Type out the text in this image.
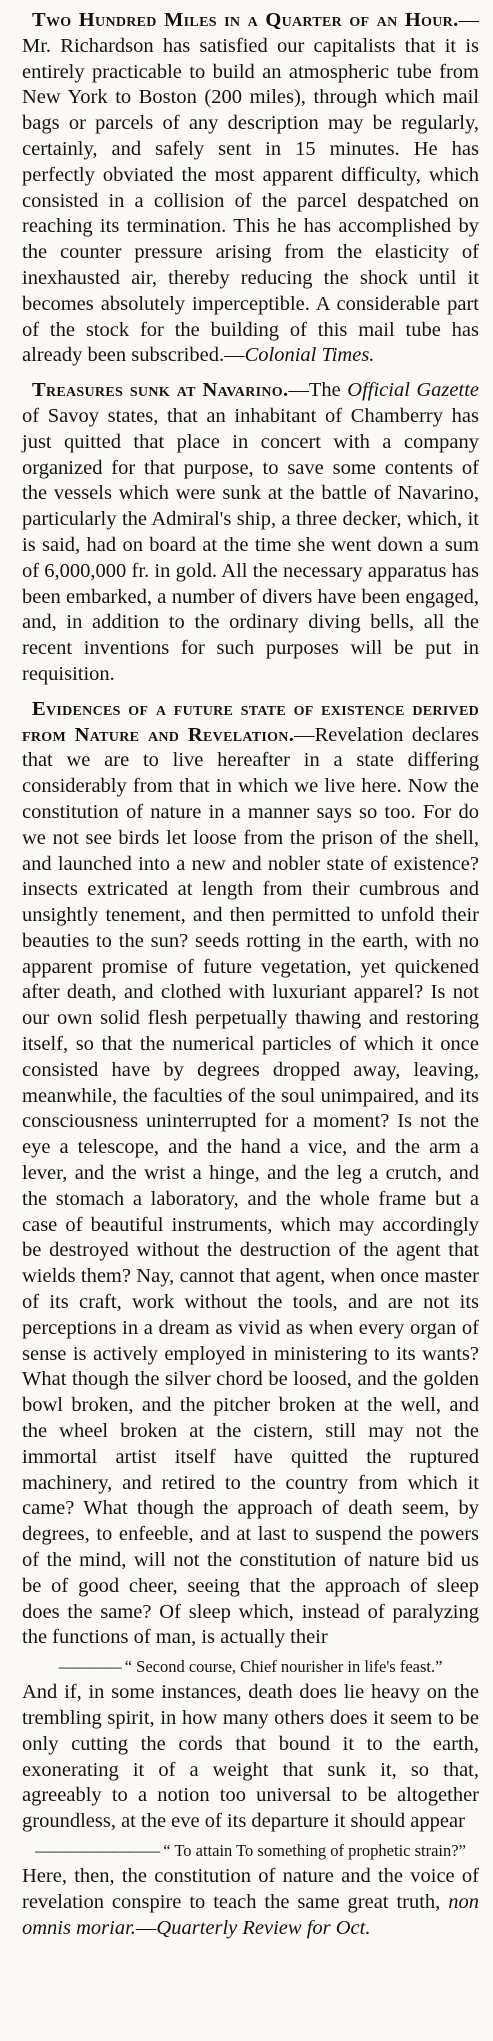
Two Hundred Miles in a Quarter of an Hour.—Mr. Richardson has satisfied our capitalists that it is entirely practicable to build an atmospheric tube from New York to Boston (200 miles), through which mail bags or parcels of any description may be regularly, certainly, and safely sent in 15 minutes. He has perfectly obviated the most apparent difficulty, which consisted in a collision of the parcel despatched on reaching its termination. This he has accomplished by the counter pressure arising from the elasticity of inexhausted air, thereby reducing the shock until it becomes absolutely imperceptible. A considerable part of the stock for the building of this mail tube has already been subscribed.—Colonial Times.

Treasures sunk at Navarino.—The Official Gazette of Savoy states, that an inhabitant of Chamberry has just quitted that place in concert with a company organized for that purpose, to save some contents of the vessels which were sunk at the battle of Navarino, particularly the Admiral's ship, a three decker, which, it is said, had on board at the time she went down a sum of 6,000,000 fr. in gold. All the necessary apparatus has been embarked, a number of divers have been engaged, and, in addition to the ordinary diving bells, all the recent inventions for such purposes will be put in requisition.

Evidences of a future state of existence derived from Nature and Revelation.—Revelation declares that we are to live hereafter in a state differing considerably from that in which we live here. Now the constitution of nature in a manner says so too. For do we not see birds let loose from the prison of the shell, and launched into a new and nobler state of existence? insects extricated at length from their cumbrous and unsightly tenement, and then permitted to unfold their beauties to the sun? seeds rotting in the earth, with no apparent promise of future vegetation, yet quickened after death, and clothed with luxuriant apparel? Is not our own solid flesh perpetually thawing and restoring itself, so that the numerical particles of which it once consisted have by degrees dropped away, leaving, meanwhile, the faculties of the soul unimpaired, and its consciousness uninterrupted for a moment? Is not the eye a telescope, and the hand a vice, and the arm a lever, and the wrist a hinge, and the leg a crutch, and the stomach a laboratory, and the whole frame but a case of beautiful instruments, which may accordingly be destroyed without the destruction of the agent that wields them? Nay, cannot that agent, when once master of its craft, work without the tools, and are not its perceptions in a dream as vivid as when every organ of sense is actively employed in ministering to its wants? What though the silver chord be loosed, and the golden bowl broken, and the pitcher broken at the well, and the wheel broken at the cistern, still may not the immortal artist itself have quitted the ruptured machinery, and retired to the country from which it came? What though the approach of death seem, by degrees, to enfeeble, and at last to suspend the powers of the mind, will not the constitution of nature bid us be of good cheer, seeing that the approach of sleep does the same? Of sleep which, instead of paralyzing the functions of man, is actually their

———— “ Second course, Chief nourisher in life's feast.”

And if, in some instances, death does lie heavy on the trembling spirit, in how many others does it seem to be only cutting the cords that bound it to the earth, exonerating it of a weight that sunk it, so that, agreeably to a notion too universal to be altogether groundless, at the eve of its departure it should appear

———————— “ To attain To something of prophetic strain?”

Here, then, the constitution of nature and the voice of revelation conspire to teach the same great truth, non omnis moriar.—Quarterly Review for Oct.
